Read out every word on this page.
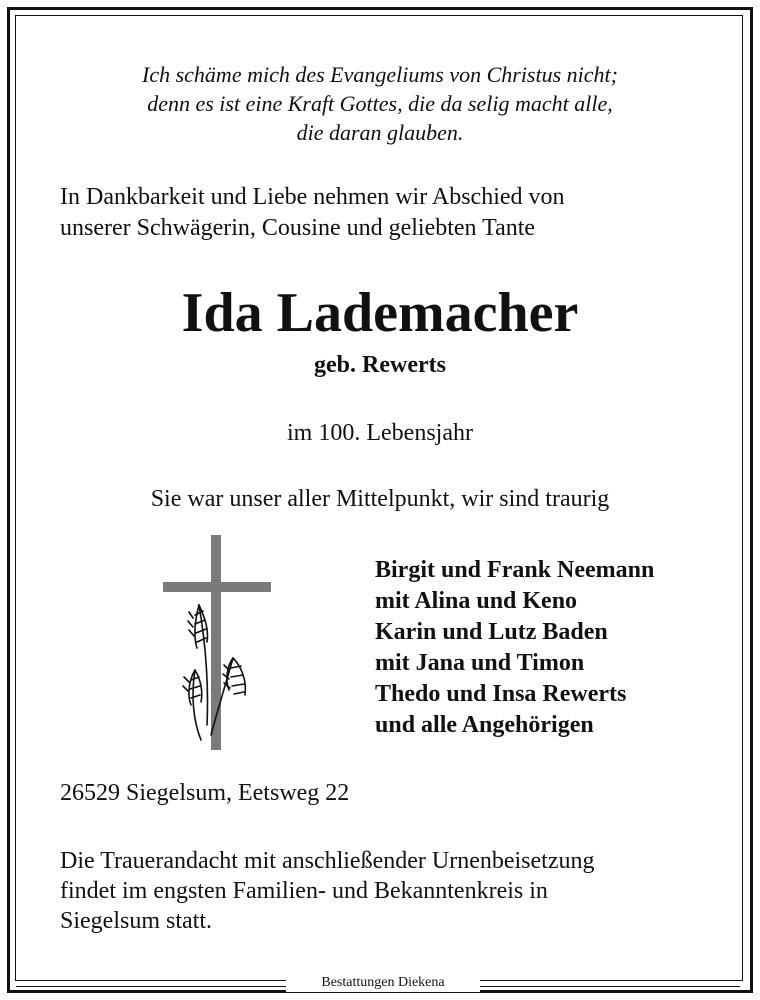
Ich schäme mich des Evangeliums von Christus nicht;
denn es ist eine Kraft Gottes, die da selig macht alle,
die daran glauben.
In Dankbarkeit und Liebe nehmen wir Abschied von
unserer Schwägerin, Cousine und geliebten Tante
Ida Lademacher
geb. Rewerts
im 100. Lebensjahr
Sie war unser aller Mittelpunkt, wir sind traurig
Birgit und Frank Neemann
mit Alina und Keno
Karin und Lutz Baden
mit Jana und Timon
Thedo und Insa Rewerts
und alle Angehörigen
26529 Siegelsum, Eetsweg 22
Die Trauerandacht mit anschließender Urnenbeisetzung
findet im engsten Familien- und Bekanntenkreis in
Siegelsum statt.
Bestattungen Diekena
